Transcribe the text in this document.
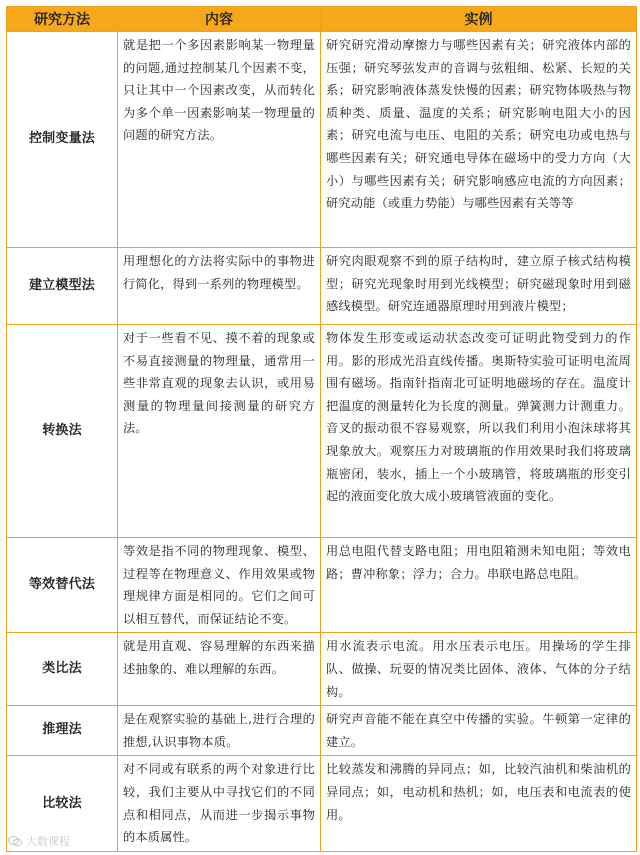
研究方法	内容	实例
控制变量法	就是把一个多因素影响某一物理量的问题,通过控制某几个因素不变，只让其中一个因素改变，从而转化为多个单一因素影响某一物理量的问题的研究方法。	研究研究滑动摩擦力与哪些因素有关；研究液体内部的压强；研究琴弦发声的音调与弦粗细、松紧、长短的关系；研究影响液体蒸发快慢的因素；研究物体吸热与物质种类、质量、温度的关系；研究影响电阻大小的因素；研究电流与电压、电阻的关系；研究电功或电热与哪些因素有关；研究通电导体在磁场中的受力方向（大小）与哪些因素有关；研究影响感应电流的方向因素；研究动能（或重力势能）与哪些因素有关等等
建立模型法	用理想化的方法将实际中的事物进行简化，得到一系列的物理模型。	研究肉眼观察不到的原子结构时，建立原子核式结构模型；研究光现象时用到光线模型；研究磁现象时用到磁感线模型。研究连通器原理时用到液片模型；
转换法	对于一些看不见、摸不着的现象或不易直接测量的物理量，通常用一些非常直观的现象去认识，或用易测量的物理量间接测量的研究方法。	物体发生形变或运动状态改变可证明此物受到力的作用。影的形成光沿直线传播。奥斯特实验可证明电流周围有磁场。指南针指南北可证明地磁场的存在。温度计把温度的测量转化为长度的测量。弹簧测力计测重力。音叉的振动很不容易观察，所以我们利用小泡沫球将其现象放大。观察压力对玻璃瓶的作用效果时我们将玻璃瓶密闭，装水，插上一个小玻璃管，将玻璃瓶的形变引起的液面变化放大成小玻璃管液面的变化。
等效替代法	等效是指不同的物理现象、模型、过程等在物理意义、作用效果或物理规律方面是相同的。它们之间可以相互替代，而保证结论不变。	用总电阻代替支路电阻；用电阻箱测未知电阻；等效电路；曹冲称象；浮力；合力。串联电路总电阻。
类比法	就是用直观、容易理解的东西来描述抽象的、难以理解的东西。	用水流表示电流。用水压表示电压。用操场的学生排队、做操、玩耍的情况类比固体、液体、气体的分子结构。
推理法	是在观察实验的基础上,进行合理的推想,认识事物本质。	研究声音能不能在真空中传播的实验。牛顿第一定律的建立。
比较法	对不同或有联系的两个对象进行比较，我们主要从中寻找它们的不同点和相同点，从而进一步揭示事物的本质属性。	比较蒸发和沸腾的异同点；如，比较汽油机和柴油机的异同点；如，电动机和热机；如，电压表和电流表的使用。
大数课程
